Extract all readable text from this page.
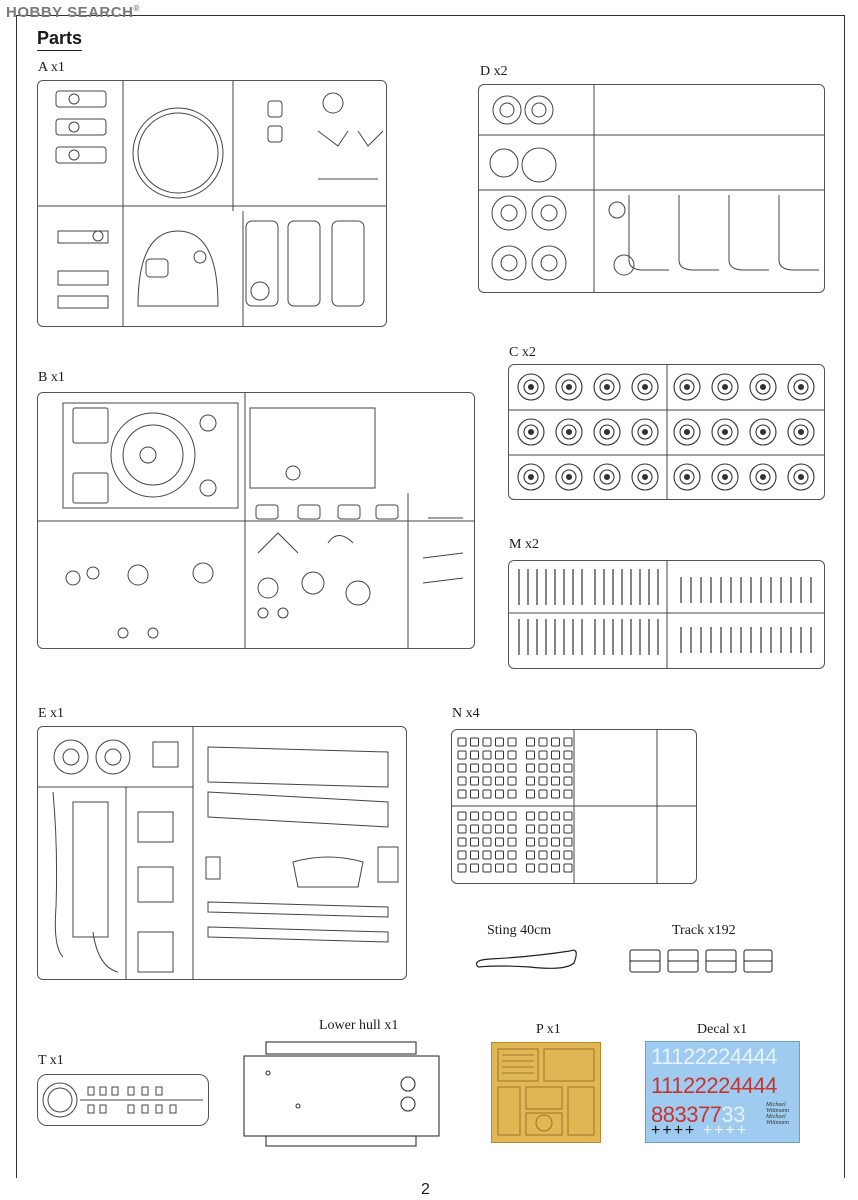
HOBBY SEARCH®
Parts
A x1	D x2
C x2
B x1
M x2
E x1	N x4
Sting 40cm	Track x192
Lower hull x1	P x1	Decal x1
11122224444
11122224444
88337733
++++ ++++
Michael Wittmann
Michael Wittmann
T x1
2
